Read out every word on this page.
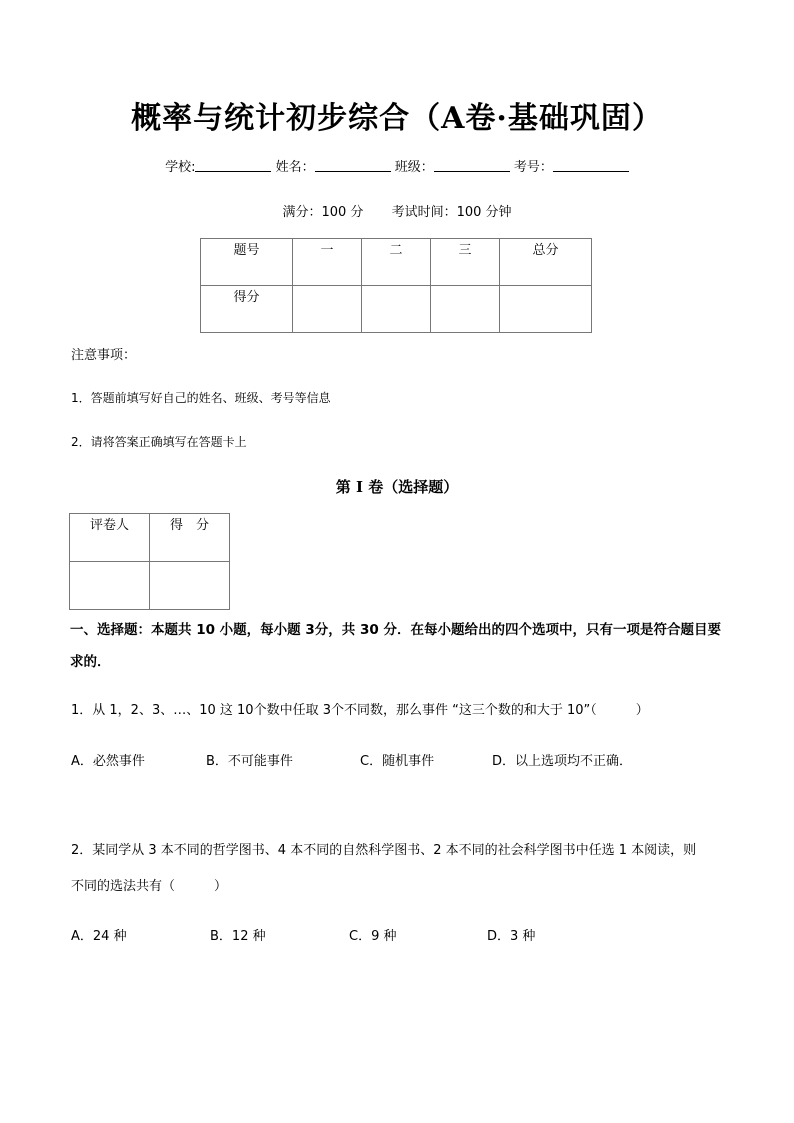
概率与统计初步综合（A卷·基础巩固）
学校:	姓名：	班级：	考号：
满分：100 分 考试时间：100 分钟
题号	一	二	三	总分
得分				
注意事项：
1．答题前填写好自己的姓名、班级、考号等信息
2．请将答案正确填写在答题卡上
第 I 卷（选择题）
评卷人	得　分

一、选择题：本题共 10 小题，每小题 3分，共 30 分．在每小题给出的四个选项中，只有一项是符合题目要求的．
1．从 1，2、3、…、10 这 10个数中任取 3个不同数，那么事件 “这三个数的和大于 10”（　　　）
A．必然事件	B．不可能事件	C．随机事件	D．以上选项均不正确．
2．某同学从 3 本不同的哲学图书、4 本不同的自然科学图书、2 本不同的社会科学图书中任选 1 本阅读，则
不同的选法共有（　　　）
A．24 种	B．12 种	C．9 种	D．3 种
